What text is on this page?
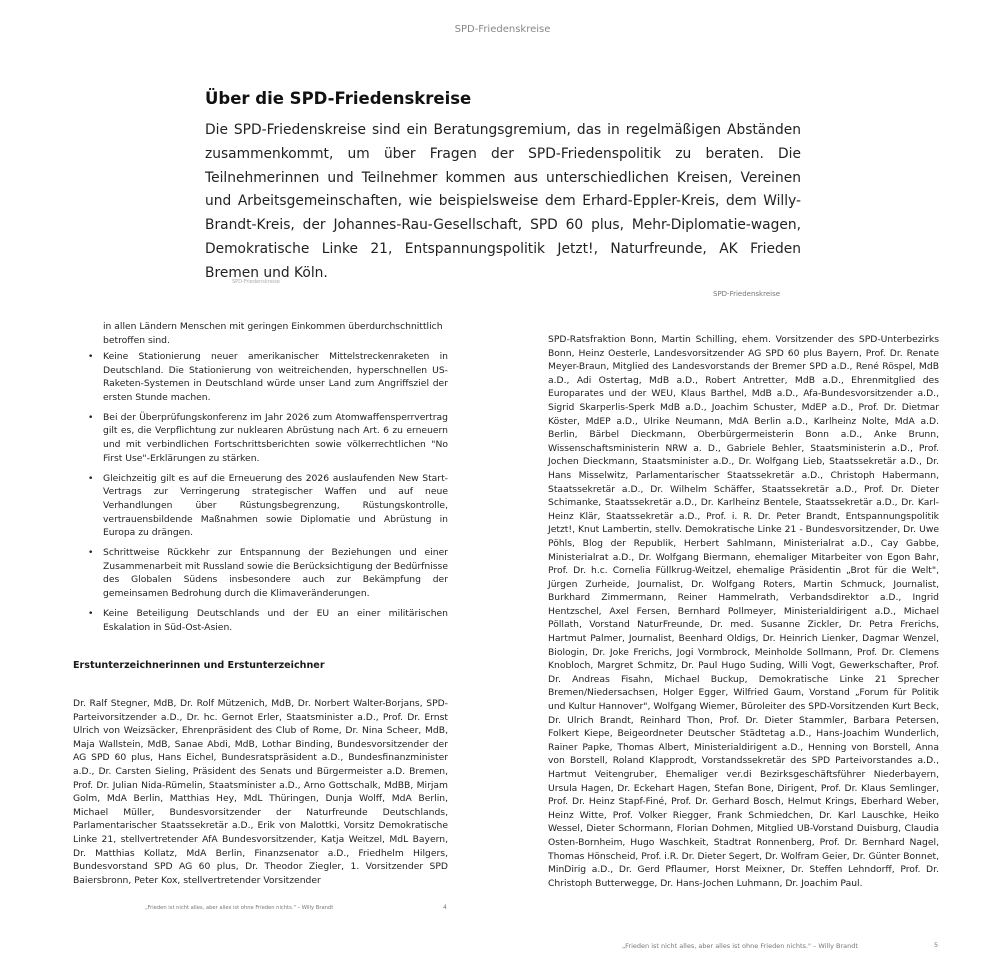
SPD-Friedenskreise
Über die SPD-Friedenskreise

Die SPD-Friedenskreise sind ein Beratungsgremium, das in regelmäßigen Abständen zusammenkommt, um über Fragen der SPD-Friedenspolitik zu beraten. Die Teilnehmerinnen und Teilnehmer kommen aus unterschiedlichen Kreisen, Vereinen und Arbeitsgemeinschaften, wie beispielsweise dem Erhard-Eppler-Kreis, dem Willy-Brandt-Kreis, der Johannes-Rau-Gesellschaft, SPD 60 plus, Mehr-Diplomatie-wagen, Demokratische Linke 21, Entspannungspolitik Jetzt!, Naturfreunde, AK Frieden Bremen und Köln.

SPD-Friedenskreise
SPD-Friedenskreise

in allen Ländern Menschen mit geringen Einkommen überdurchschnittlich betroffen sind.

• Keine Stationierung neuer amerikanischer Mittelstreckenraketen in Deutschland. Die Stationierung von weitreichenden, hyperschnellen US-Raketen-Systemen in Deutschland würde unser Land zum Angriffsziel der ersten Stunde machen.
• Bei der Überprüfungskonferenz im Jahr 2026 zum Atomwaffensperrvertrag gilt es, die Verpflichtung zur nuklearen Abrüstung nach Art. 6 zu erneuern und mit verbindlichen Fortschrittsberichten sowie völkerrechtlichen "No First Use"-Erklärungen zu stärken.
• Gleichzeitig gilt es auf die Erneuerung des 2026 auslaufenden New Start-Vertrags zur Verringerung strategischer Waffen und auf neue Verhandlungen über Rüstungsbegrenzung, Rüstungskontrolle, vertrauensbildende Maßnahmen sowie Diplomatie und Abrüstung in Europa zu drängen.
• Schrittweise Rückkehr zur Entspannung der Beziehungen und einer Zusammenarbeit mit Russland sowie die Berücksichtigung der Bedürfnisse des Globalen Südens insbesondere auch zur Bekämpfung der gemeinsamen Bedrohung durch die Klimaveränderungen.
• Keine Beteiligung Deutschlands und der EU an einer militärischen Eskalation in Süd-Ost-Asien.
Erstunterzeichnerinnen und Erstunterzeichner

Dr. Ralf Stegner, MdB, Dr. Rolf Mützenich, MdB, Dr. Norbert Walter-Borjans, SPD-Parteivorsitzender a.D., Dr. hc. Gernot Erler, Staatsminister a.D., Prof. Dr. Ernst Ulrich von Weizsäcker, Ehrenpräsident des Club of Rome, Dr. Nina Scheer, MdB, Maja Wallstein, MdB, Sanae Abdi, MdB, Lothar Binding, Bundesvorsitzender der AG SPD 60 plus, Hans Eichel, Bundesratspräsident a.D., Bundesfinanzminister a.D., Dr. Carsten Sieling, Präsident des Senats und Bürgermeister a.D. Bremen, Prof. Dr. Julian Nida-Rümelin, Staatsminister a.D., Arno Gottschalk, MdBB, Mirjam Golm, MdA Berlin, Matthias Hey, MdL Thüringen, Dunja Wolff, MdA Berlin, Michael Müller, Bundesvorsitzender der Naturfreunde Deutschlands, Parlamentarischer Staatssekretär a.D., Erik von Malottki, Vorsitz Demokratische Linke 21, stellvertretender AfA Bundesvorsitzender, Katja Weitzel, MdL Bayern, Dr. Matthias Kollatz, MdA Berlin, Finanzsenator a.D., Friedhelm Hilgers, Bundesvorstand SPD AG 60 plus, Dr. Theodor Ziegler, 1. Vorsitzender SPD Baiersbronn, Peter Kox, stellvertretender Vorsitzender

SPD-Ratsfraktion Bonn, Martin Schilling, ehem. Vorsitzender des SPD-Unterbezirks Bonn, Heinz Oesterle, Landesvorsitzender AG SPD 60 plus Bayern, Prof. Dr. Renate Meyer-Braun, Mitglied des Landesvorstands der Bremer SPD a.D., René Röspel, MdB a.D., Adi Ostertag, MdB a.D., Robert Antretter, MdB a.D., Ehrenmitglied des Europarates und der WEU, Klaus Barthel, MdB a.D., Afa-Bundesvorsitzender a.D., Sigrid Skarperlis-Sperk MdB a.D., Joachim Schuster, MdEP a.D., Prof. Dr. Dietmar Köster, MdEP a.D., Ulrike Neumann, MdA Berlin a.D., Karlheinz Nolte, MdA a.D. Berlin, Bärbel Dieckmann, Oberbürgermeisterin Bonn a.D., Anke Brunn, Wissenschaftsministerin NRW a. D., Gabriele Behler, Staatsministerin a.D., Prof. Jochen Dieckmann, Staatsminister a.D., Dr. Wolfgang Lieb, Staatssekretär a.D., Dr. Hans Misselwitz, Parlamentarischer Staatssekretär a.D., Christoph Habermann, Staatssekretär a.D., Dr. Wilhelm Schäffer, Staatssekretär a.D., Prof. Dr. Dieter Schimanke, Staatssekretär a.D., Dr. Karlheinz Bentele, Staatssekretär a.D., Dr. Karl-Heinz Klär, Staatssekretär a.D., Prof. i. R. Dr. Peter Brandt, Entspannungspolitik Jetzt!, Knut Lambertin, stellv. Demokratische Linke 21 - Bundesvorsitzender, Dr. Uwe Pöhls, Blog der Republik, Herbert Sahlmann, Ministerialrat a.D., Cay Gabbe, Ministerialrat a.D., Dr. Wolfgang Biermann, ehemaliger Mitarbeiter von Egon Bahr, Prof. Dr. h.c. Cornelia Füllkrug-Weitzel, ehemalige Präsidentin „Brot für die Welt", Jürgen Zurheide, Journalist, Dr. Wolfgang Roters, Martin Schmuck, Journalist, Burkhard Zimmermann, Reiner Hammelrath, Verbandsdirektor a.D., Ingrid Hentzschel, Axel Fersen, Bernhard Pollmeyer, Ministerialdirigent a.D., Michael Pöllath, Vorstand NaturFreunde, Dr. med. Susanne Zickler, Dr. Petra Frerichs, Hartmut Palmer, Journalist, Beenhard Oldigs, Dr. Heinrich Lienker, Dagmar Wenzel, Biologin, Dr. Joke Frerichs, Jogi Vormbrock, Meinholde Sollmann, Prof. Dr. Clemens Knobloch, Margret Schmitz, Dr. Paul Hugo Suding, Willi Vogt, Gewerkschafter, Prof. Dr. Andreas Fisahn, Michael Buckup, Demokratische Linke 21 Sprecher Bremen/Niedersachsen, Holger Egger, Wilfried Gaum, Vorstand „Forum für Politik und Kultur Hannover", Wolfgang Wiemer, Büroleiter des SPD-Vorsitzenden Kurt Beck, Dr. Ulrich Brandt, Reinhard Thon, Prof. Dr. Dieter Stammler, Barbara Petersen, Folkert Kiepe, Beigeordneter Deutscher Städtetag a.D., Hans-Joachim Wunderlich, Rainer Papke, Thomas Albert, Ministerialdirigent a.D., Henning von Borstell, Anna von Borstell, Roland Klapprodt, Vorstandssekretär des SPD Parteivorstandes a.D., Hartmut Veitengruber, Ehemaliger ver.di Bezirksgeschäftsführer Niederbayern, Ursula Hagen, Dr. Eckehart Hagen, Stefan Bone, Dirigent, Prof. Dr. Klaus Semlinger, Prof. Dr. Heinz Stapf-Finé, Prof. Dr. Gerhard Bosch, Helmut Krings, Eberhard Weber, Heinz Witte, Prof. Volker Riegger, Frank Schmiedchen, Dr. Karl Lauschke, Heiko Wessel, Dieter Schormann, Florian Dohmen, Mitglied UB-Vorstand Duisburg, Claudia Osten-Bornheim, Hugo Waschkeit, Stadtrat Ronnenberg, Prof. Dr. Bernhard Nagel, Thomas Hönscheid, Prof. i.R. Dr. Dieter Segert, Dr. Wolfram Geier, Dr. Günter Bonnet, MinDirig a.D., Dr. Gerd Pflaumer, Horst Meixner, Dr. Steffen Lehndorff, Prof. Dr. Christoph Butterwegge, Dr. Hans-Jochen Luhmann, Dr. Joachim Paul.

„Frieden ist nicht alles, aber alles ist ohne Frieden nichts." – Willy Brandt	4
„Frieden ist nicht alles, aber alles ist ohne Frieden nichts." – Willy Brandt	5
